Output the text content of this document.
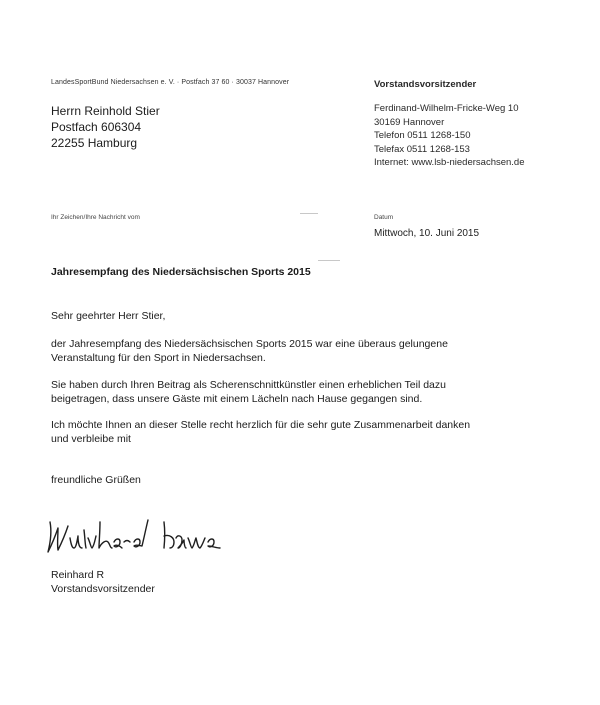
LandesSportBund Niedersachsen e. V. · Postfach 37 60 · 30037 Hannover
Herrn Reinhold Stier
Postfach 606304
22255 Hamburg
Vorstandsvorsitzender
Ferdinand-Wilhelm-Fricke-Weg 10
30169 Hannover
Telefon 0511 1268-150
Telefax 0511 1268-153
Internet: www.lsb-niedersachsen.de
Ihr Zeichen/Ihre Nachricht vom	Datum
Mittwoch, 10. Juni 2015
Jahresempfang des Niedersächsischen Sports 2015
Sehr geehrter Herr Stier,
der Jahresempfang des Niedersächsischen Sports 2015 war eine überaus gelungene
Veranstaltung für den Sport in Niedersachsen.
Sie haben durch Ihren Beitrag als Scherenschnittkünstler einen erheblichen Teil dazu
beigetragen, dass unsere Gäste mit einem Lächeln nach Hause gegangen sind.
Ich möchte Ihnen an dieser Stelle recht herzlich für die sehr gute Zusammenarbeit danken
und verbleibe mit
freundliche Grüßen
Reinhard R
Vorstandsvorsitzender
